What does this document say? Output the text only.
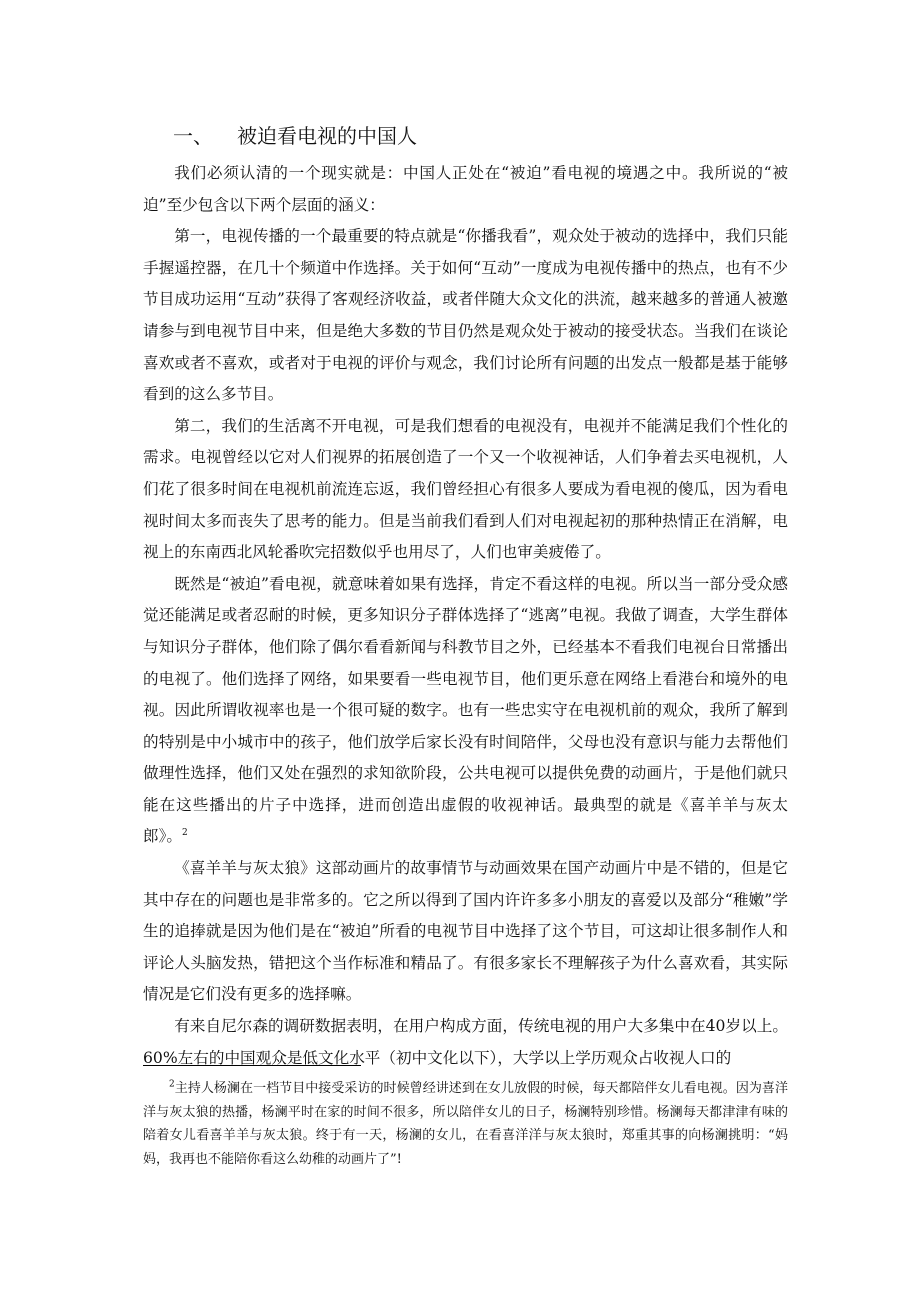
一、 被迫看电视的中国人

我们必须认清的一个现实就是：中国人正处在“被迫”看电视的境遇之中。我所说的“被迫”至少包含以下两个层面的涵义：

第一，电视传播的一个最重要的特点就是“你播我看”，观众处于被动的选择中，我们只能手握遥控器，在几十个频道中作选择。关于如何“互动”一度成为电视传播中的热点，也有不少节目成功运用“互动”获得了客观经济收益，或者伴随大众文化的洪流，越来越多的普通人被邀请参与到电视节目中来，但是绝大多数的节目仍然是观众处于被动的接受状态。当我们在谈论喜欢或者不喜欢，或者对于电视的评价与观念，我们讨论所有问题的出发点一般都是基于能够看到的这么多节目。

第二，我们的生活离不开电视，可是我们想看的电视没有，电视并不能满足我们个性化的需求。电视曾经以它对人们视界的拓展创造了一个又一个收视神话，人们争着去买电视机，人们花了很多时间在电视机前流连忘返，我们曾经担心有很多人要成为看电视的傻瓜，因为看电视时间太多而丧失了思考的能力。但是当前我们看到人们对电视起初的那种热情正在消解，电视上的东南西北风轮番吹完招数似乎也用尽了，人们也审美疲倦了。

既然是“被迫”看电视，就意味着如果有选择，肯定不看这样的电视。所以当一部分受众感觉还能满足或者忍耐的时候，更多知识分子群体选择了“逃离”电视。我做了调查，大学生群体与知识分子群体，他们除了偶尔看看新闻与科教节目之外，已经基本不看我们电视台日常播出的电视了。他们选择了网络，如果要看一些电视节目，他们更乐意在网络上看港台和境外的电视。因此所谓收视率也是一个很可疑的数字。也有一些忠实守在电视机前的观众，我所了解到的特别是中小城市中的孩子，他们放学后家长没有时间陪伴，父母也没有意识与能力去帮他们做理性选择，他们又处在强烈的求知欲阶段，公共电视可以提供免费的动画片，于是他们就只能在这些播出的片子中选择，进而创造出虚假的收视神话。最典型的就是《喜羊羊与灰太郎》。$^2$

《喜羊羊与灰太狼》这部动画片的故事情节与动画效果在国产动画片中是不错的，但是它其中存在的问题也是非常多的。它之所以得到了国内许许多多小朋友的喜爱以及部分“稚嫩”学生的追捧就是因为他们是在“被迫”所看的电视节目中选择了这个节目，可这却让很多制作人和评论人头脑发热，错把这个当作标准和精品了。有很多家长不理解孩子为什么喜欢看，其实际情况是它们没有更多的选择嘛。

有来自尼尔森的调研数据表明，在用户构成方面，传统电视的用户大多集中在40岁以上。60%左右的中国观众是低文化水平（初中文化以下），大学以上学历观众占收视人口的

$^2$主持人杨澜在一档节目中接受采访的时候曾经讲述到在女儿放假的时候，每天都陪伴女儿看电视。因为喜洋洋与灰太狼的热播，杨澜平时在家的时间不很多，所以陪伴女儿的日子，杨澜特别珍惜。杨澜每天都津津有味的陪着女儿看喜羊羊与灰太狼。终于有一天，杨澜的女儿，在看喜洋洋与灰太狼时，郑重其事的向杨澜挑明：“妈妈，我再也不能陪你看这么幼稚的动画片了”!
